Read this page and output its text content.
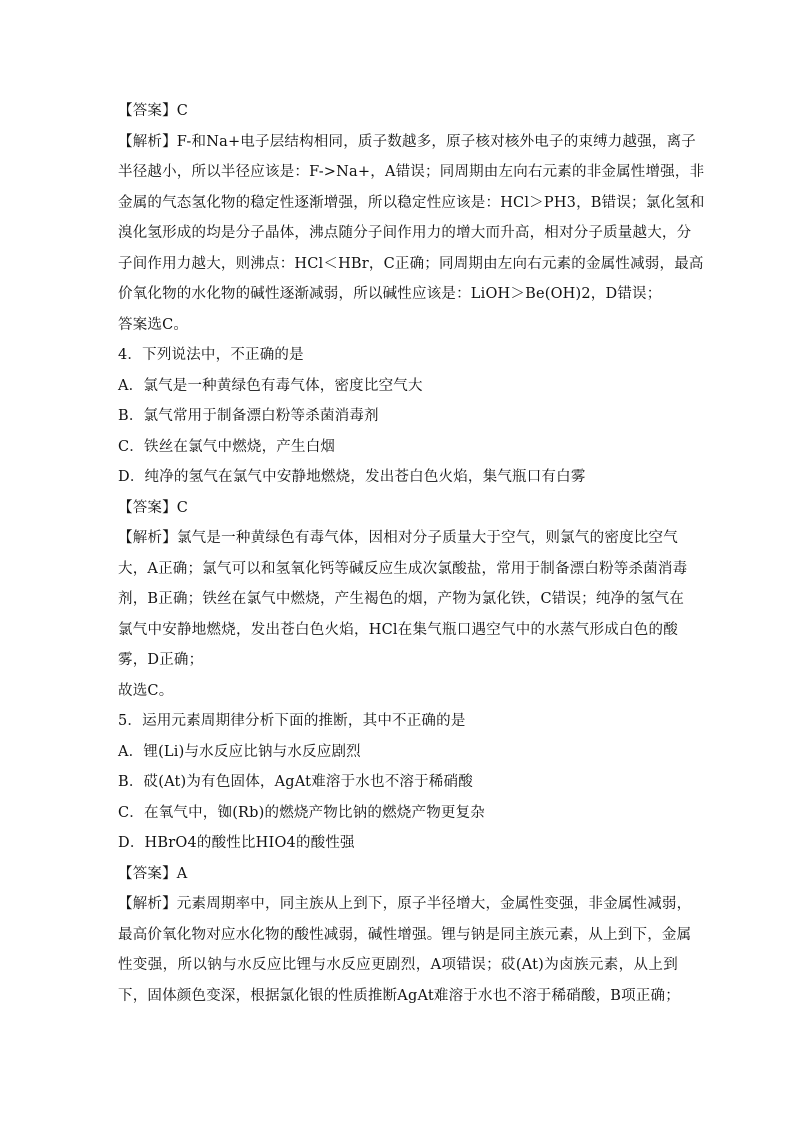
【答案】C
【解析】F-和Na+电子层结构相同，质子数越多，原子核对核外电子的束缚力越强，离子
半径越小，所以半径应该是：F->Na+，A错误；同周期由左向右元素的非金属性增强，非
金属的气态氢化物的稳定性逐渐增强，所以稳定性应该是：HCl＞PH3，B错误；氯化氢和
溴化氢形成的均是分子晶体，沸点随分子间作用力的增大而升高，相对分子质量越大，分
子间作用力越大，则沸点：HCl＜HBr，C正确；同周期由左向右元素的金属性减弱，最高
价氧化物的水化物的碱性逐渐减弱，所以碱性应该是：LiOH＞Be(OH)2，D错误；
答案选C。
4．下列说法中，不正确的是
A．氯气是一种黄绿色有毒气体，密度比空气大
B．氯气常用于制备漂白粉等杀菌消毒剂
C．铁丝在氯气中燃烧，产生白烟
D．纯净的氢气在氯气中安静地燃烧，发出苍白色火焰，集气瓶口有白雾
【答案】C
【解析】氯气是一种黄绿色有毒气体，因相对分子质量大于空气，则氯气的密度比空气
大，A正确；氯气可以和氢氧化钙等碱反应生成次氯酸盐，常用于制备漂白粉等杀菌消毒
剂，B正确；铁丝在氯气中燃烧，产生褐色的烟，产物为氯化铁，C错误；纯净的氢气在
氯气中安静地燃烧，发出苍白色火焰，HCl在集气瓶口遇空气中的水蒸气形成白色的酸
雾，D正确；
故选C。
5．运用元素周期律分析下面的推断，其中不正确的是
A．锂(Li)与水反应比钠与水反应剧烈
B．砹(At)为有色固体，AgAt难溶于水也不溶于稀硝酸
C．在氧气中，铷(Rb)的燃烧产物比钠的燃烧产物更复杂
D．HBrO4的酸性比HIO4的酸性强
【答案】A
【解析】元素周期率中，同主族从上到下，原子半径增大，金属性变强，非金属性减弱，
最高价氧化物对应水化物的酸性减弱，碱性增强。锂与钠是同主族元素，从上到下，金属
性变强，所以钠与水反应比锂与水反应更剧烈，A项错误；砹(At)为卤族元素，从上到
下，固体颜色变深，根据氯化银的性质推断AgAt难溶于水也不溶于稀硝酸，B项正确；
